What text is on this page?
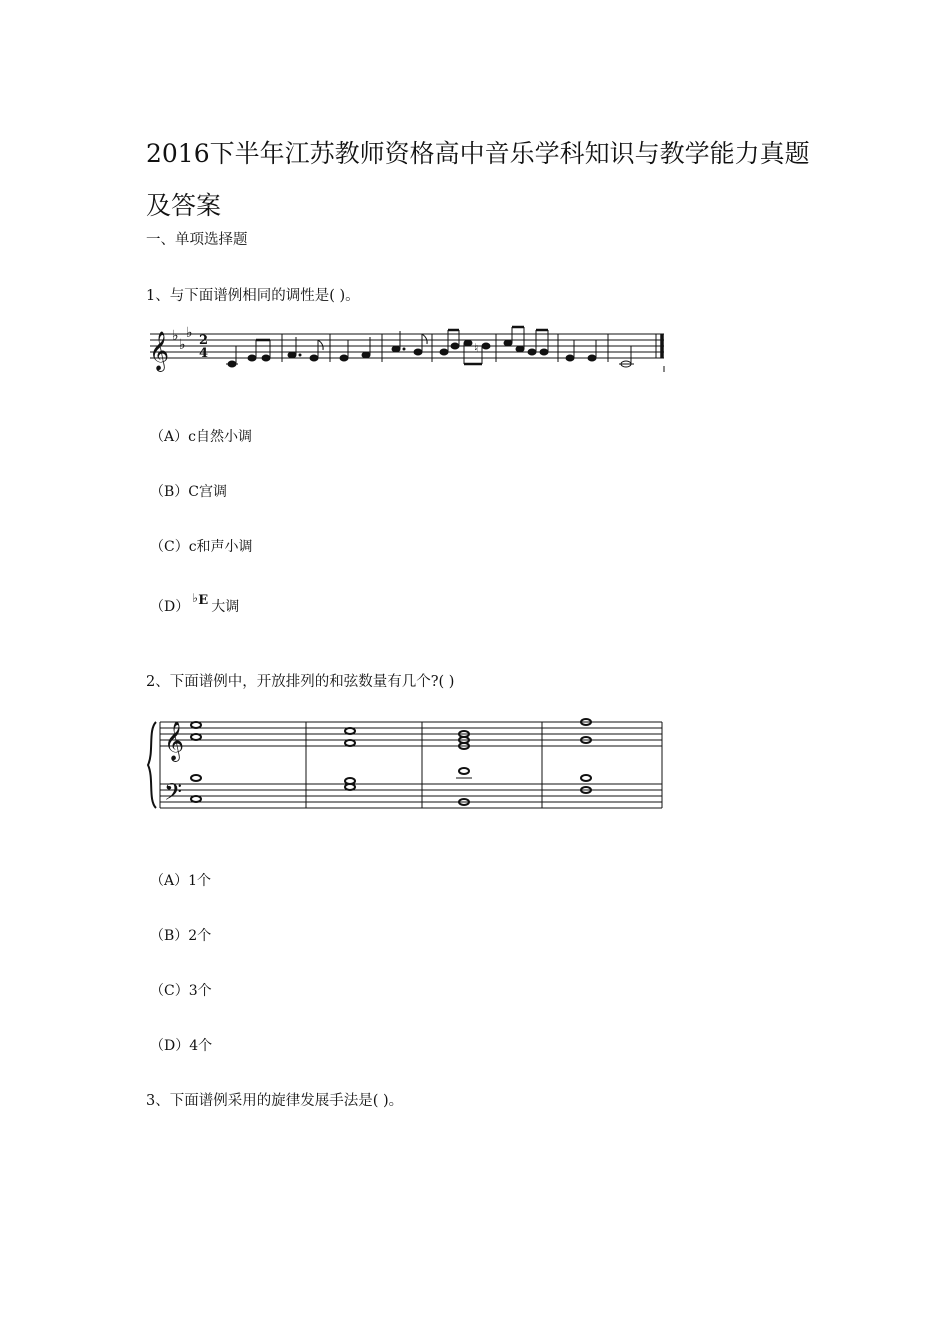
2016下半年江苏教师资格高中音乐学科知识与教学能力真题及答案
一、单项选择题
1、与下面谱例相同的调性是( )。
𝄞 ♭
♭
♭ 2
4	♮
（A）c自然小调
（B）C宫调
（C）c和声小调
（D）
♭ E 大调
2、下面谱例中，开放排列的和弦数量有几个?( )
𝄞
𝄢
（A）1个
（B）2个
（C）3个
（D）4个
3、下面谱例采用的旋律发展手法是( )。
